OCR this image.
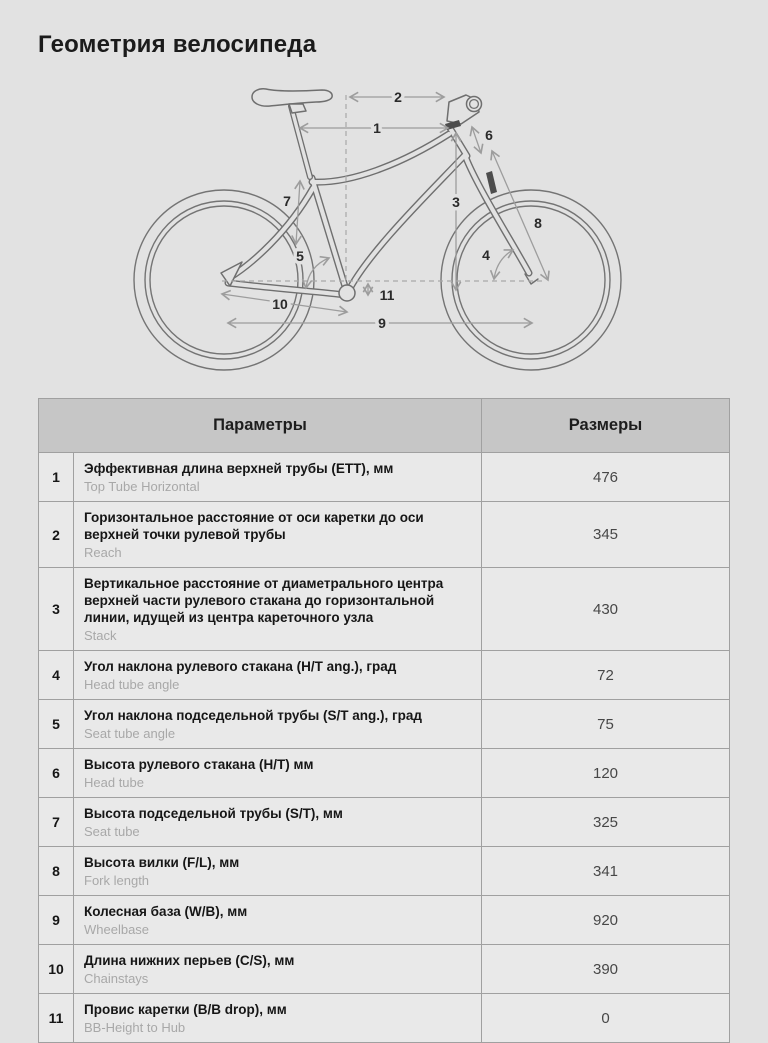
Геометрия велосипеда
1
2
3
4
5
6
7
8
9
10
11
Параметры		Размеры

1	Эффективная длина верхней трубы (ETT), мм
Top Tube Horizontal	476

2	Горизонтальное расстояние от оси каретки до оси верхней точки рулевой трубы
Reach	345

3	Вертикальное расстояние от диаметрального центра верхней части рулевого стакана до горизонтальной линии, идущей из центра кареточного узла
Stack	430

4	Угол наклона рулевого стакана (H/T ang.), град
Head tube angle	72

5	Угол наклона подседельной трубы (S/T ang.), град
Seat tube angle	75

6	Высота рулевого стакана (H/T) мм
Head tube	120

7	Высота подседельной трубы (S/T), мм
Seat tube	325

8	Высота вилки (F/L), мм
Fork length	341

9	Колесная база (W/B), мм
Wheelbase	920

10	Длина нижних перьев (C/S), мм
Chainstays	390

11	Провис каретки (B/B drop), мм
BB-Height to Hub	0
